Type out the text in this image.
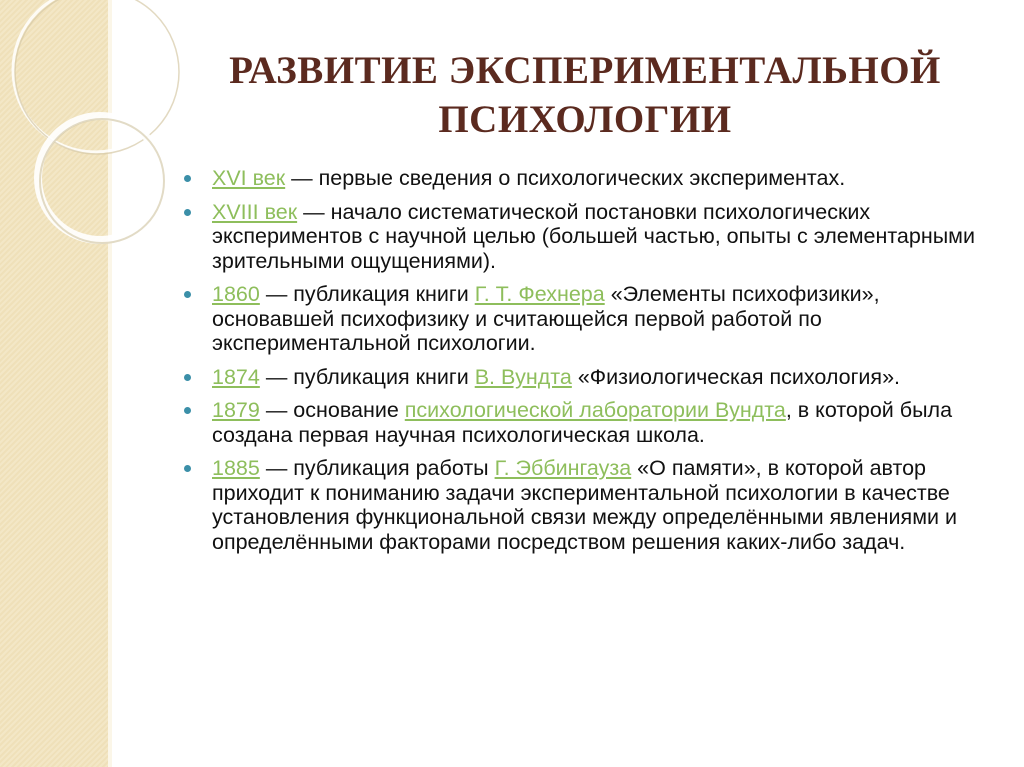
РАЗВИТИЕ ЭКСПЕРИМЕНТАЛЬНОЙ
ПСИХОЛОГИИ
XVI век — первые сведения о психологических экспериментах.
XVIII век — начало систематической постановки психологических экспериментов с научной целью (большей частью, опыты с элементарными зрительными ощущениями).
1860 — публикация книги Г. Т. Фехнера «Элементы психофизики», основавшей психофизику и считающейся первой работой по экспериментальной психологии.
1874 — публикация книги В. Вундта «Физиологическая психология».
1879 — основание психологической лаборатории Вундта, в которой была создана первая научная психологическая школа.
1885 — публикация работы Г. Эббингауза «О памяти», в которой автор приходит к пониманию задачи экспериментальной психологии в качестве установления функциональной связи между определёнными явлениями и определёнными факторами посредством решения каких-либо задач.
